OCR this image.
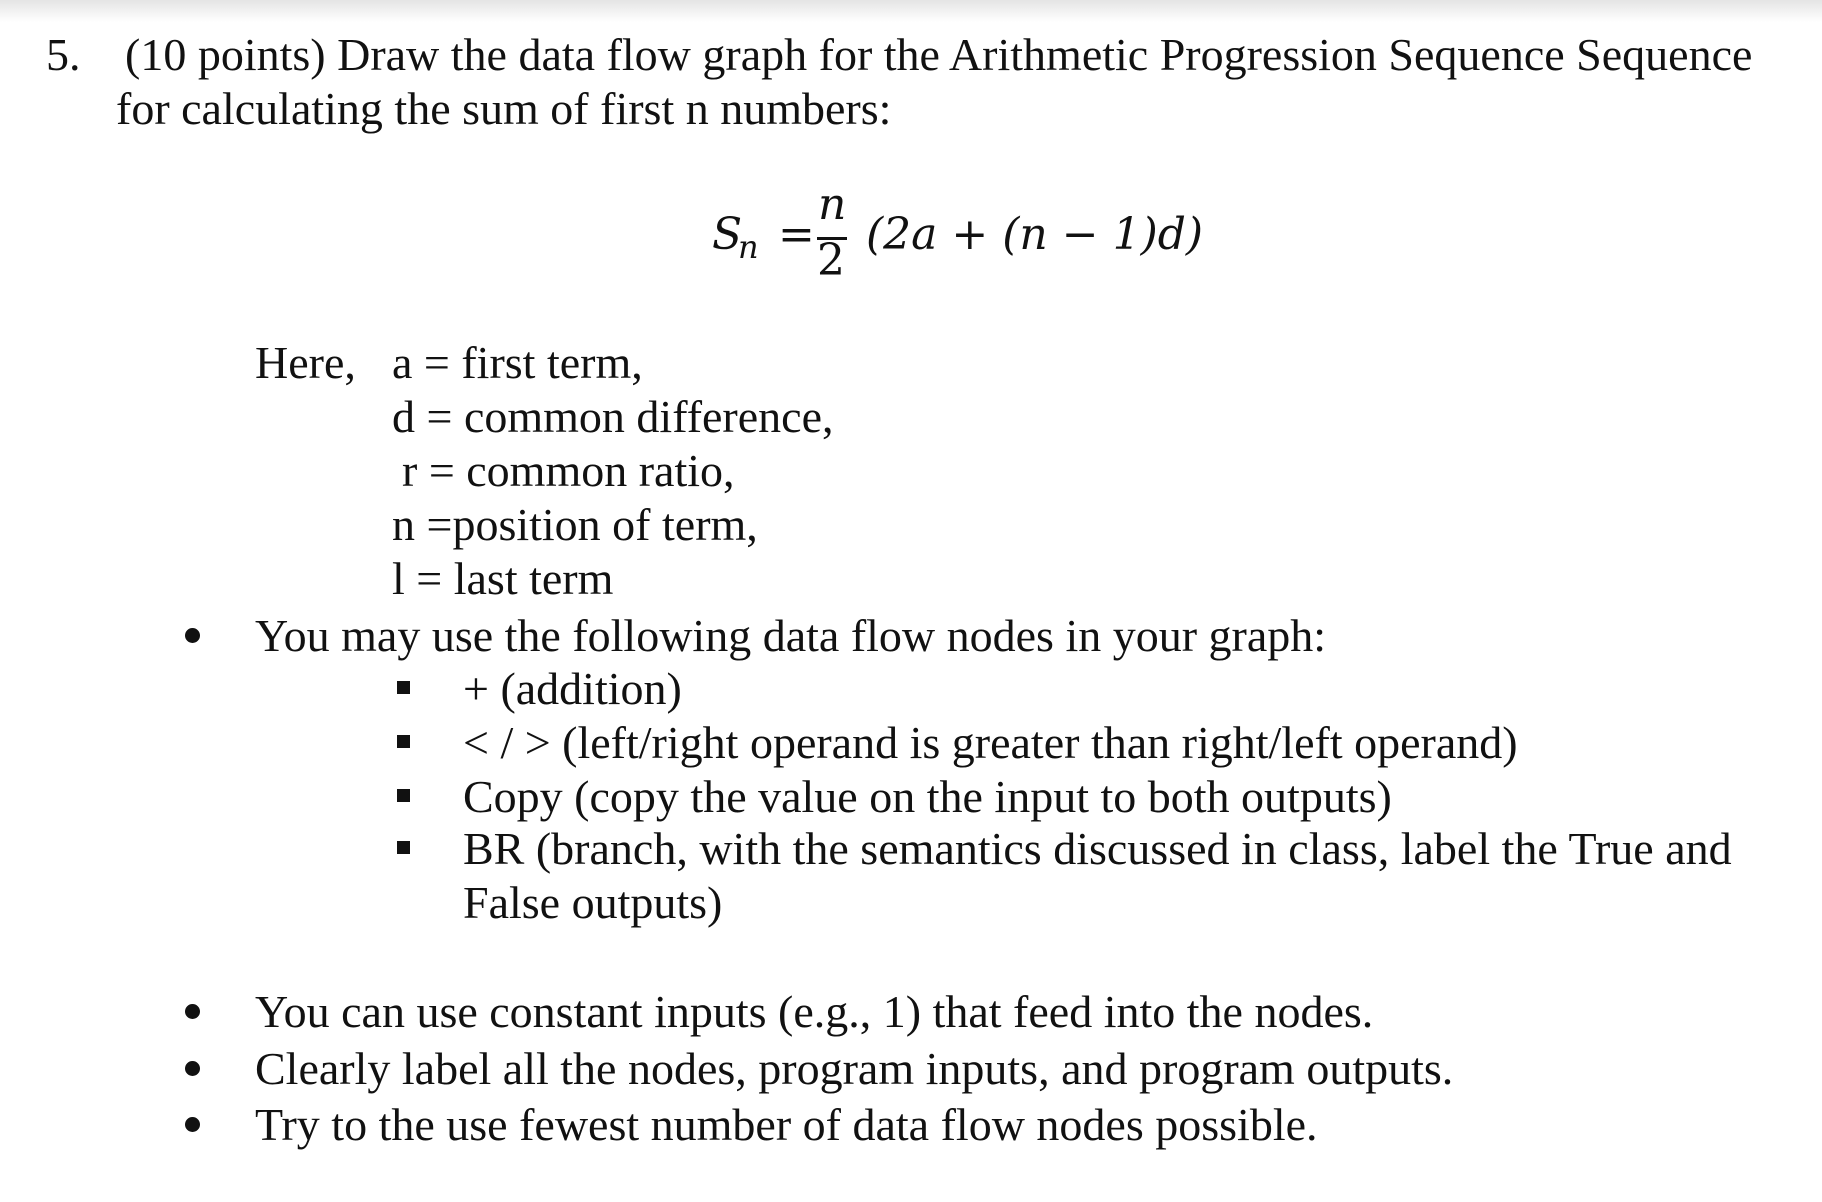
5. (10 points) Draw the data flow graph for the Arithmetic Progression Sequence Sequence
for calculating the sum of first n numbers:
S
n =
n
2
(2a + (n − 1)d)
Here, a = first term,
d = common difference,
r = common ratio,
n =position of term,
l = last term
You may use the following data flow nodes in your graph:
+ (addition)
< / > (left/right operand is greater than right/left operand)
Copy (copy the value on the input to both outputs)
BR (branch, with the semantics discussed in class, label the True and
False outputs)
You can use constant inputs (e.g., 1) that feed into the nodes.
Clearly label all the nodes, program inputs, and program outputs.
Try to the use fewest number of data flow nodes possible.
